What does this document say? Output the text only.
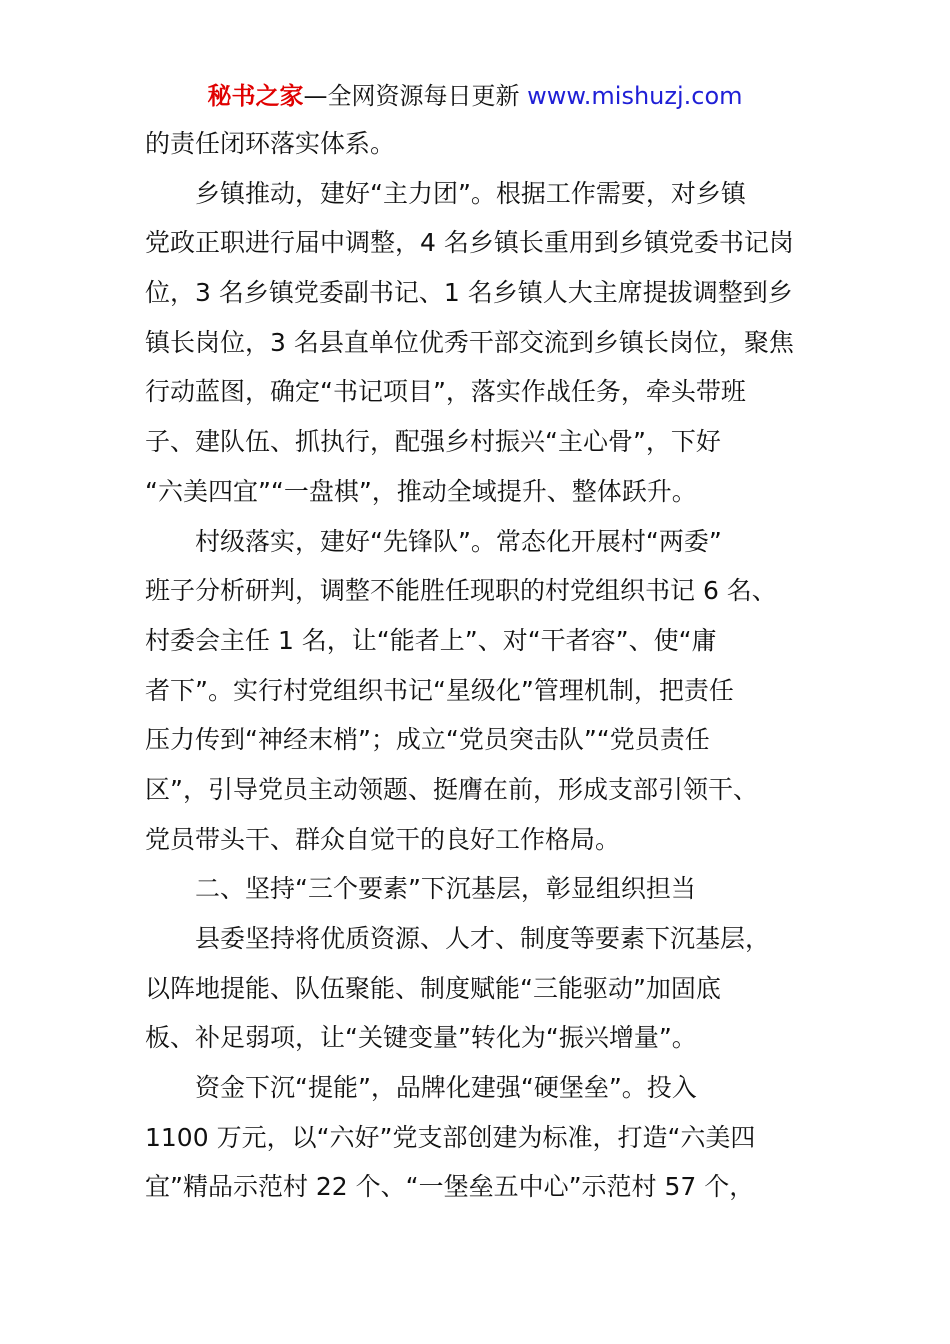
秘书之家—全网资源每日更新 www.mishuzj.com
的责任闭环落实体系。
乡镇推动，建好“主力团”。根据工作需要，对乡镇
党政正职进行届中调整，4 名乡镇长重用到乡镇党委书记岗
位，3 名乡镇党委副书记、1 名乡镇人大主席提拔调整到乡
镇长岗位，3 名县直单位优秀干部交流到乡镇长岗位，聚焦
行动蓝图，确定“书记项目”，落实作战任务，牵头带班
子、建队伍、抓执行，配强乡村振兴“主心骨”，下好
“六美四宜”“一盘棋”，推动全域提升、整体跃升。
村级落实，建好“先锋队”。常态化开展村“两委”
班子分析研判，调整不能胜任现职的村党组织书记 6 名、
村委会主任 1 名，让“能者上”、对“干者容”、使“庸
者下”。实行村党组织书记“星级化”管理机制，把责任
压力传到“神经末梢”；成立“党员突击队”“党员责任
区”，引导党员主动领题、挺膺在前，形成支部引领干、
党员带头干、群众自觉干的良好工作格局。
二、坚持“三个要素”下沉基层，彰显组织担当
县委坚持将优质资源、人才、制度等要素下沉基层，
以阵地提能、队伍聚能、制度赋能“三能驱动”加固底
板、补足弱项，让“关键变量”转化为“振兴增量”。
资金下沉“提能”，品牌化建强“硬堡垒”。投入
1100 万元，以“六好”党支部创建为标准，打造“六美四
宜”精品示范村 22 个、“一堡垒五中心”示范村 57 个，
